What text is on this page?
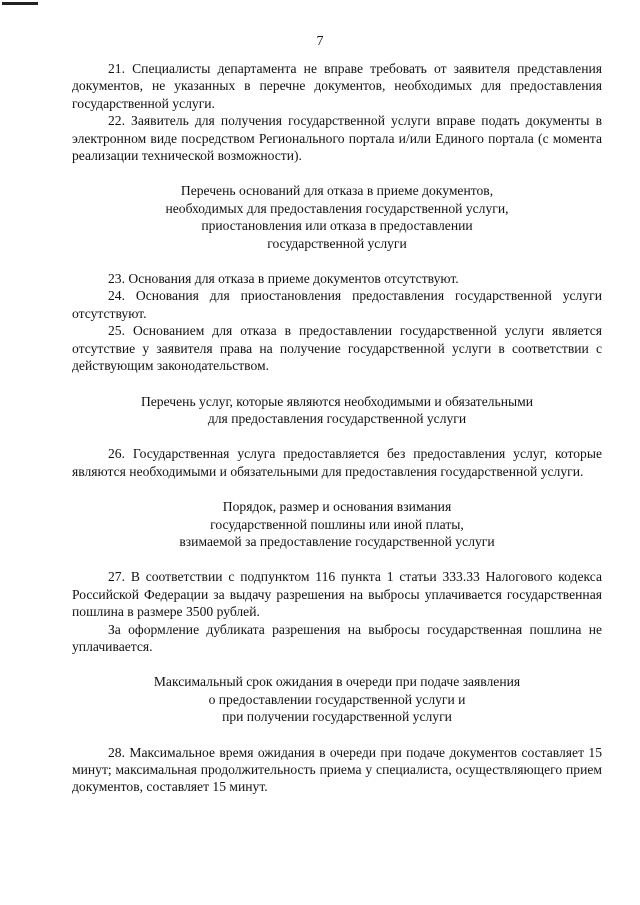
7

21. Специалисты департамента не вправе требовать от заявителя представления документов, не указанных в перечне документов, необходимых для предоставления государственной услуги.

22. Заявитель для получения государственной услуги вправе подать документы в электронном виде посредством Регионального портала и/или Единого портала (с момента реализации технической возможности).

Перечень оснований для отказа в приеме документов,
необходимых для предоставления государственной услуги,
приостановления или отказа в предоставлении
государственной услуги

23. Основания для отказа в приеме документов отсутствуют.

24. Основания для приостановления предоставления государственной услуги отсутствуют.

25. Основанием для отказа в предоставлении государственной услуги является отсутствие у заявителя права на получение государственной услуги в соответствии с действующим законодательством.

Перечень услуг, которые являются необходимыми и обязательными
для предоставления государственной услуги

26. Государственная услуга предоставляется без предоставления услуг, которые являются необходимыми и обязательными для предоставления государственной услуги.

Порядок, размер и основания взимания
государственной пошлины или иной платы,
взимаемой за предоставление государственной услуги

27. В соответствии с подпунктом 116 пункта 1 статьи 333.33 Налогового кодекса Российской Федерации за выдачу разрешения на выбросы уплачивается государственная пошлина в размере 3500 рублей.

За оформление дубликата разрешения на выбросы государственная пошлина не уплачивается.

Максимальный срок ожидания в очереди при подаче заявления
о предоставлении государственной услуги и
при получении государственной услуги

28. Максимальное время ожидания в очереди при подаче документов составляет 15 минут; максимальная продолжительность приема у специалиста, осуществляющего прием документов, составляет 15 минут.
